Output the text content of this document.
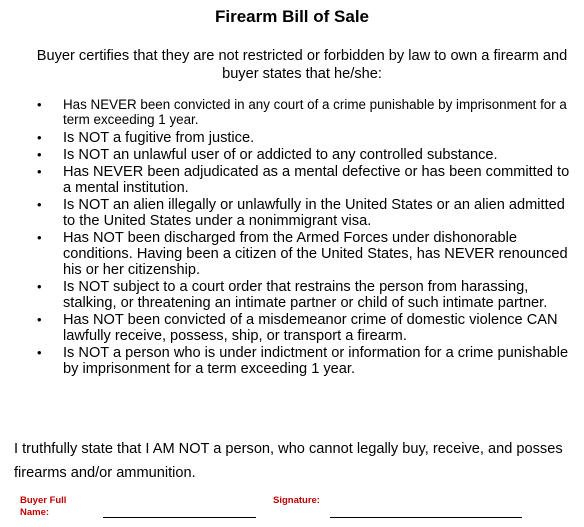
Firearm Bill of Sale
Buyer certifies that they are not restricted or forbidden by law to own a firearm and buyer states that he/she:
• Has NEVER been convicted in any court of a crime punishable by imprisonment for a term exceeding 1 year.
• Is NOT a fugitive from justice.
• Is NOT an unlawful user of or addicted to any controlled substance.
• Has NEVER been adjudicated as a mental defective or has been committed to a mental institution.
• Is NOT an alien illegally or unlawfully in the United States or an alien admitted to the United States under a nonimmigrant visa.
• Has NOT been discharged from the Armed Forces under dishonorable conditions. Having been a citizen of the United States, has NEVER renounced his or her citizenship.
• Is NOT subject to a court order that restrains the person from harassing, stalking, or threatening an intimate partner or child of such intimate partner.
• Has NOT been convicted of a misdemeanor crime of domestic violence CAN lawfully receive, possess, ship, or transport a firearm.
• Is NOT a person who is under indictment or information for a crime punishable by imprisonment for a term exceeding 1 year.
I truthfully state that I AM NOT a person, who cannot legally buy, receive, and posses firearms and/or ammunition.
Buyer Full Name:
Signature:
